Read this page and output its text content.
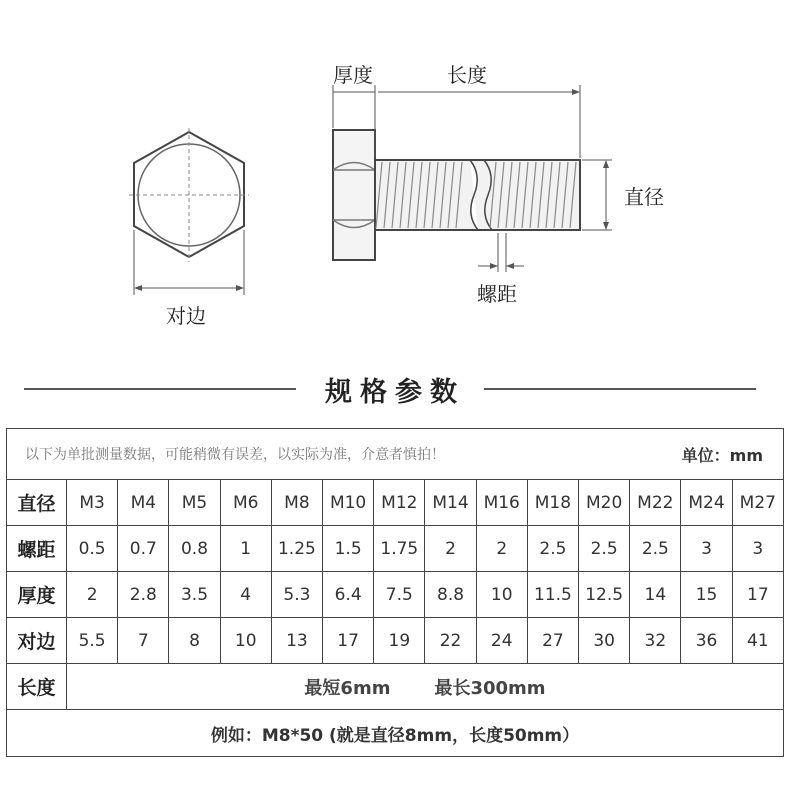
厚度	长度
直径
螺距
对边
规格参数
以下为单批测量数据，可能稍微有误差，以实际为准，介意者慎拍！ 单位：mm														

直径	M3	M4	M5	M6	M8	M10	M12	M14	M16	M18	M20	M22	M24	M27
螺距	0.5	0.7	0.8	1	1.25	1.5	1.75	2	2	2.5	2.5	2.5	3	3
厚度	2	2.8	3.5	4	5.3	6.4	7.5	8.8	10	11.5	12.5	14	15	17
对边	5.5	7	8	10	13	17	19	22	24	27	30	32	36	41
长度	最短6mm 最长300mm													
例如：M8*50 (就是直径8mm，长度50mm）														
